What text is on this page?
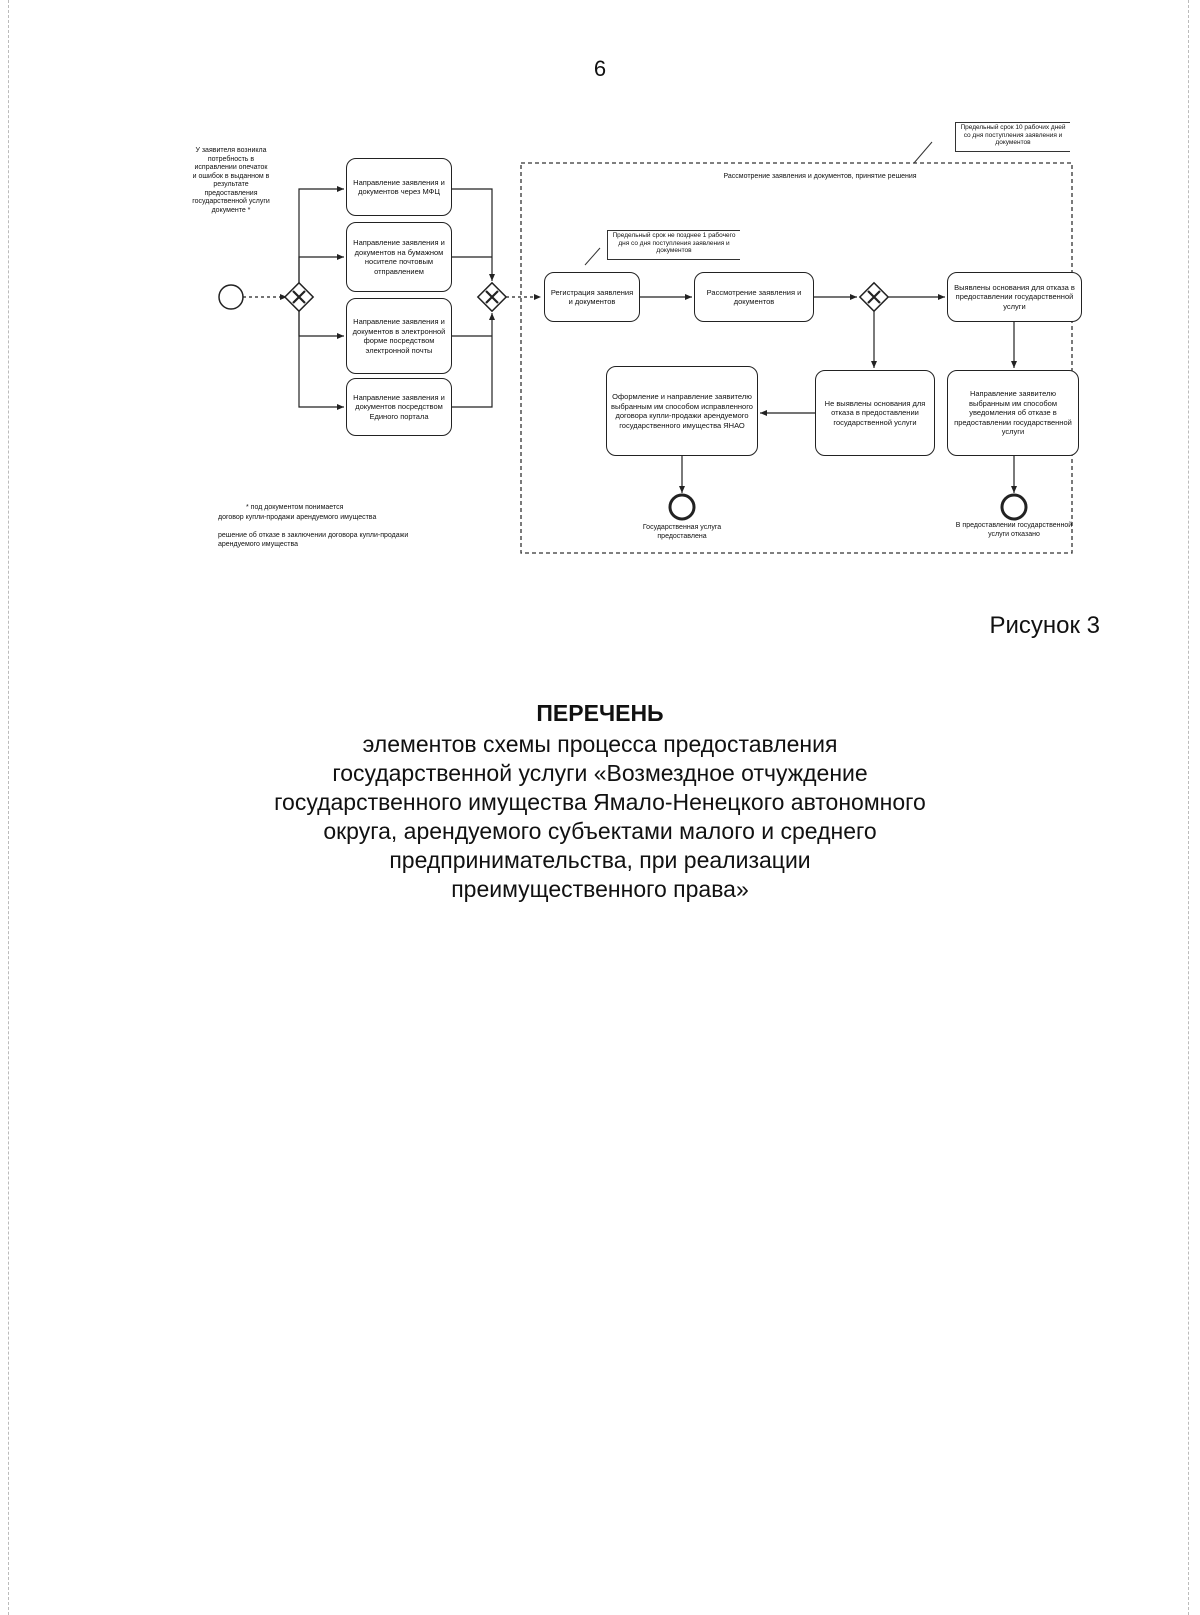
6
У заявителя возникла потребность в исправлении опечаток и ошибок в выданном в результате предоставления государственной услуги документе *
Направление заявления и документов через МФЦ
Направление заявления и документов на бумажном носителе почтовым отправлением
Направление заявления и документов в электронной форме посредством электронной почты
Направление заявления и документов посредством Единого портала
Рассмотрение заявления и документов, принятие решения
Предельный срок 10 рабочих дней со дня поступления заявления и документов
Предельный срок не позднее 1 рабочего дня со дня поступления заявления и документов
Регистрация заявления и документов
Рассмотрение заявления и документов
Выявлены основания для отказа в предоставлении государственной услуги
Не выявлены основания для отказа в предоставлении государственной услуги
Направление заявителю выбранным им способом уведомления об отказе в предоставлении государственной услуги
Оформление и направление заявителю выбранным им способом исправленного договора купли-продажи арендуемого государственного имущества ЯНАО
Государственная услуга предоставлена
В предоставлении государственной услуги отказано
* под документом понимается
договор купли-продажи арендуемого имущества
решение об отказе в заключении договора купли-продажи арендуемого имущества
Рисунок 3
ПЕРЕЧЕНЬ
элементов схемы процесса предоставления
государственной услуги «Возмездное отчуждение
государственного имущества Ямало-Ненецкого автономного
округа, арендуемого субъектами малого и среднего
предпринимательства, при реализации
преимущественного права»
